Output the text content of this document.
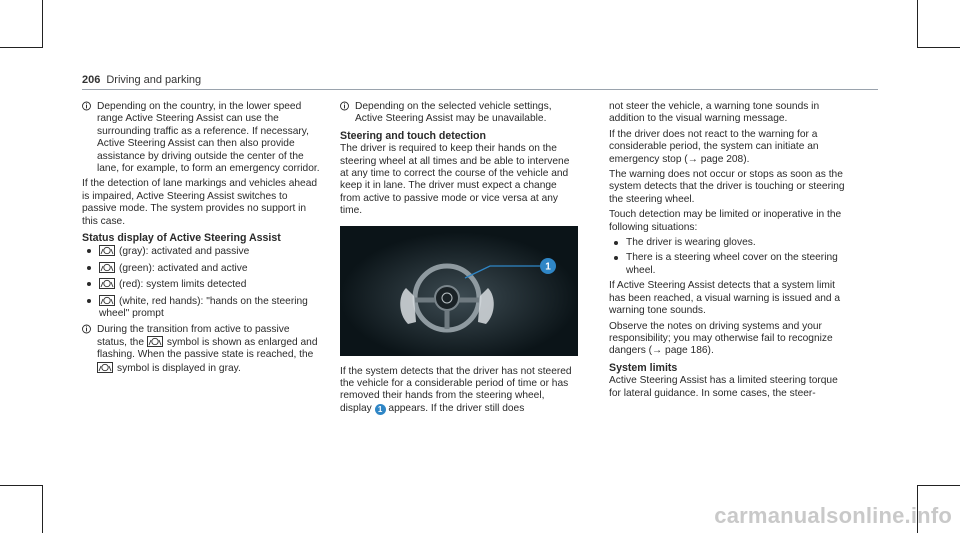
206 Driving and parking
Depending on the country, in the lower speed range Active Steering Assist can use the surrounding traffic as a reference. If necessary, Active Steering Assist can then also provide assistance by driving outside the center of the lane, for example, to form an emergency corridor.

If the detection of lane markings and vehicles ahead is impaired, Active Steering Assist switches to passive mode. The system provides no support in this case.

Status display of Active Steering Assist
(gray): activated and passive
(green): activated and active
(red): system limits detected
(white, red hands): "hands on the steering wheel" prompt
During the transition from active to passive status, the symbol is shown as enlarged and flashing. When the passive state is reached, the
symbol is displayed in gray.
Depending on the selected vehicle settings, Active Steering Assist may be unavailable.
Steering and touch detection

The driver is required to keep their hands on the steering wheel at all times and be able to intervene at any time to correct the course of the vehicle and keep it in lane. The driver must expect a change from active to passive mode or vice versa at any time.

1

If the system detects that the driver has not steered the vehicle for a considerable period of time or has removed their hands from the steering wheel, display 1 appears. If the driver still does

not steer the vehicle, a warning tone sounds in addition to the visual warning message.

If the driver does not react to the warning for a considerable period, the system can initiate an emergency stop (→ page 208).

The warning does not occur or stops as soon as the system detects that the driver is touching or steering the steering wheel.

Touch detection may be limited or inoperative in the following situations:

The driver is wearing gloves.
There is a steering wheel cover on the steering wheel.

If Active Steering Assist detects that a system limit has been reached, a visual warning is issued and a warning tone sounds.

Observe the notes on driving systems and your responsibility; you may otherwise fail to recognize dangers (→ page 186).

System limits

Active Steering Assist has a limited steering torque for lateral guidance. In some cases, the steer-

carmanualsonline.info
